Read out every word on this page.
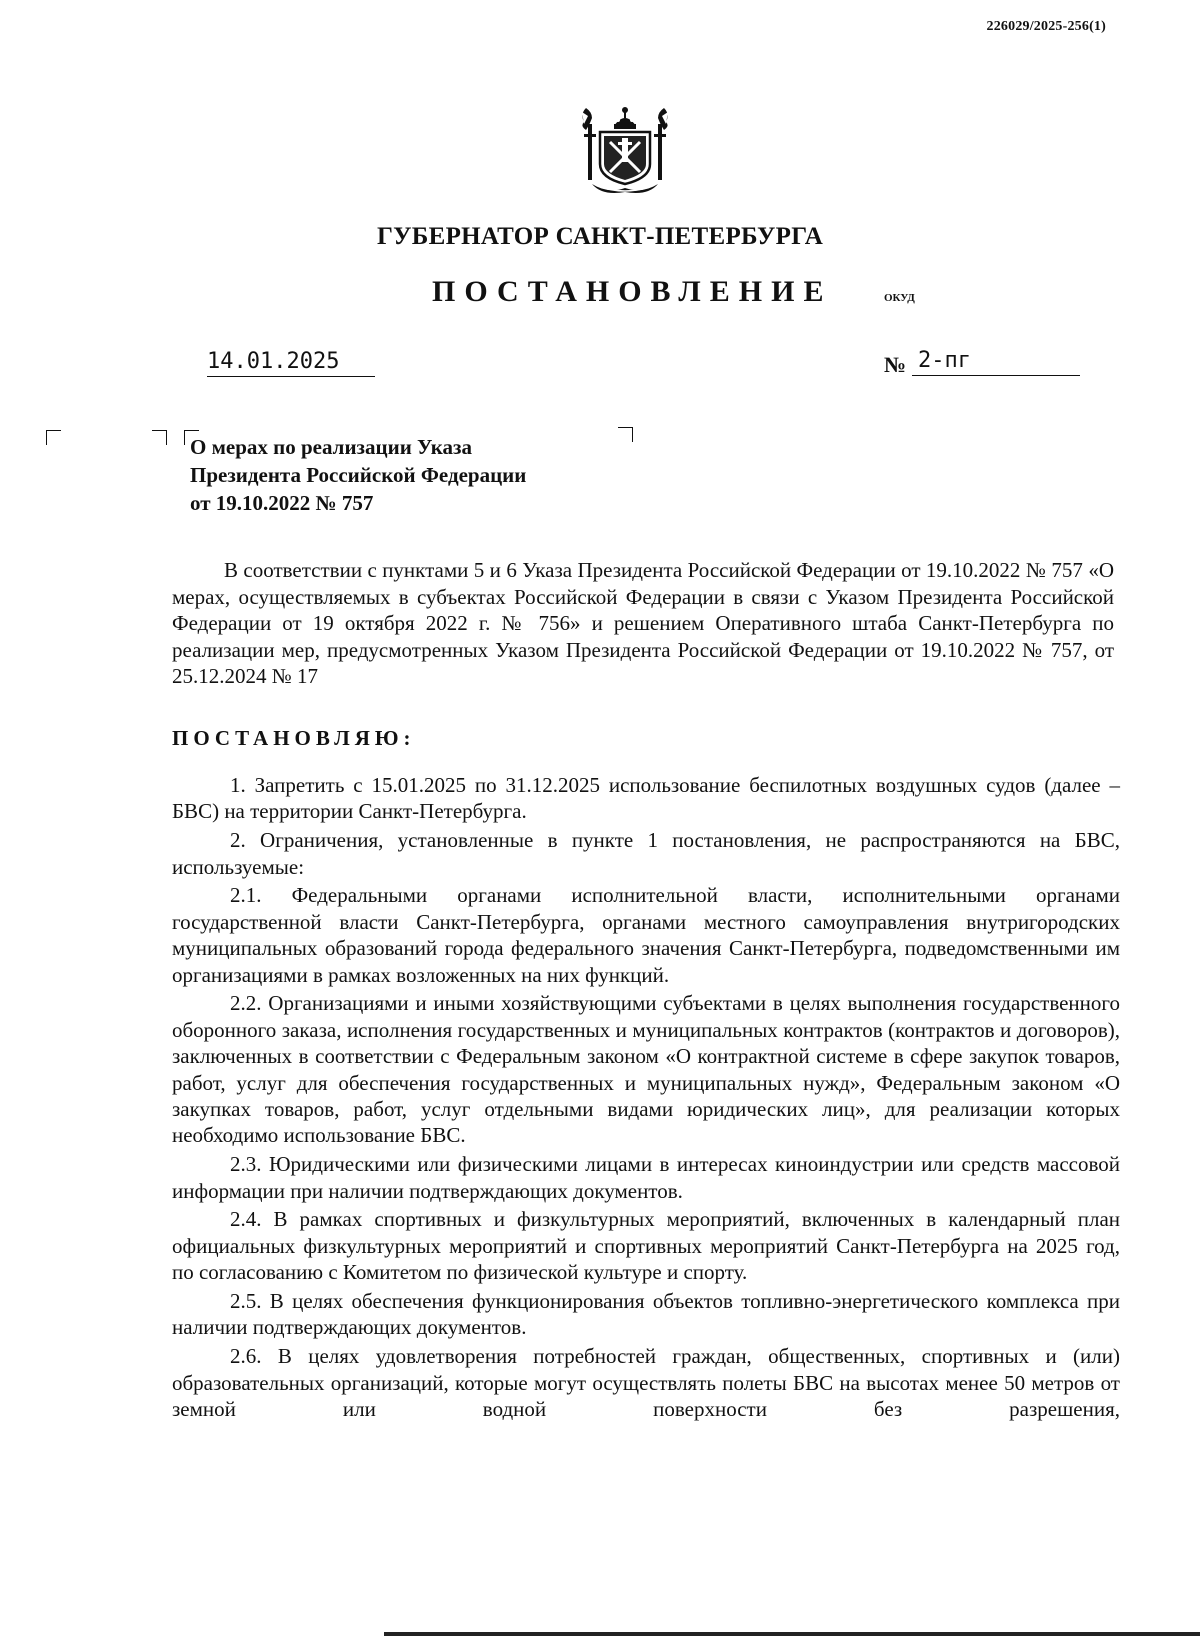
226029/2025-256(1)
ГУБЕРНАТОР САНКТ-ПЕТЕРБУРГА
ПОСТАНОВЛЕНИЕ	ОКУД
14.01.2025	№ 2-пг
О мерах по реализации Указа
Президента Российской Федерации
от 19.10.2022 № 757

В соответствии с пунктами 5 и 6 Указа Президента Российской Федерации от 19.10.2022 № 757 «О мерах, осуществляемых в субъектах Российской Федерации в связи с Указом Президента Российской Федерации от 19 октября 2022 г. № 756» и решением Оперативного штаба Санкт-Петербурга по реализации мер, предусмотренных Указом Президента Российской Федерации от 19.10.2022 № 757, от 25.12.2024 № 17

ПОСТАНОВЛЯЮ:

1. Запретить с 15.01.2025 по 31.12.2025 использование беспилотных воздушных судов (далее – БВС) на территории Санкт-Петербурга.

2. Ограничения, установленные в пункте 1 постановления, не распространяются на БВС, используемые:

2.1. Федеральными органами исполнительной власти, исполнительными органами государственной власти Санкт-Петербурга, органами местного самоуправления внутригородских муниципальных образований города федерального значения Санкт-Петербурга, подведомственными им организациями в рамках возложенных на них функций.

2.2. Организациями и иными хозяйствующими субъектами в целях выполнения государственного оборонного заказа, исполнения государственных и муниципальных контрактов (контрактов и договоров), заключенных в соответствии с Федеральным законом «О контрактной системе в сфере закупок товаров, работ, услуг для обеспечения государственных и муниципальных нужд», Федеральным законом «О закупках товаров, работ, услуг отдельными видами юридических лиц», для реализации которых необходимо использование БВС.

2.3. Юридическими или физическими лицами в интересах киноиндустрии или средств массовой информации при наличии подтверждающих документов.

2.4. В рамках спортивных и физкультурных мероприятий, включенных в календарный план официальных физкультурных мероприятий и спортивных мероприятий Санкт-Петербурга на 2025 год, по согласованию с Комитетом по физической культуре и спорту.

2.5. В целях обеспечения функционирования объектов топливно-энергетического комплекса при наличии подтверждающих документов.

2.6. В целях удовлетворения потребностей граждан, общественных, спортивных и (или) образовательных организаций, которые могут осуществлять полеты БВС на высотах менее 50 метров от земной или водной поверхности без разрешения,
